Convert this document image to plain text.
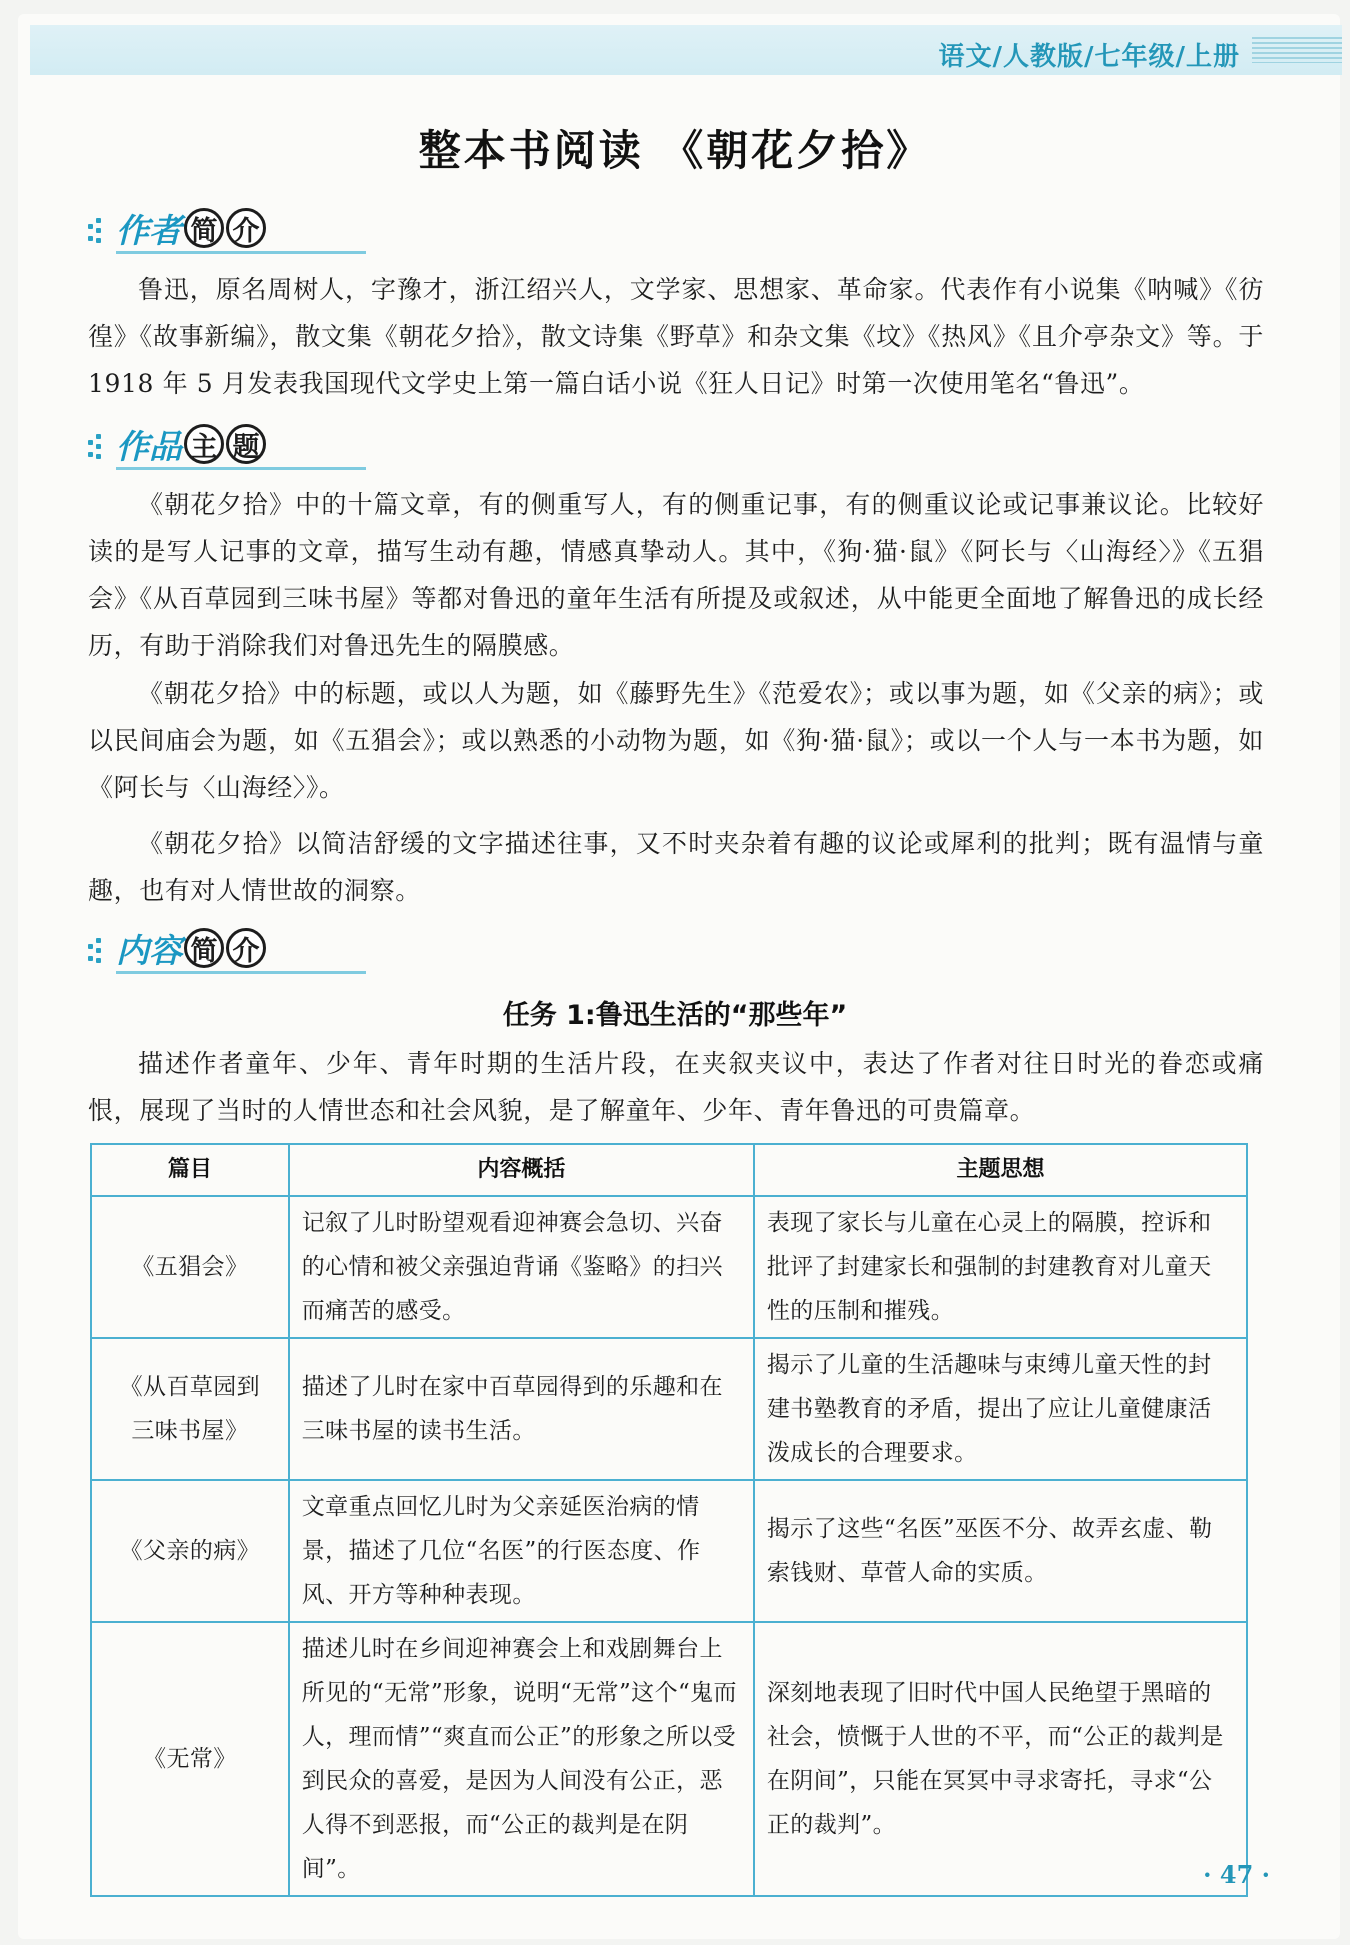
语文/人教版/七年级/上册
整本书阅读 《朝花夕拾》
作者 简 介

鲁迅，原名周树人，字豫才，浙江绍兴人，文学家、思想家、革命家。代表作有小说集《呐喊》《彷徨》《故事新编》，散文集《朝花夕拾》，散文诗集《野草》和杂文集《坟》《热风》《且介亭杂文》等。于 1918 年 5 月发表我国现代文学史上第一篇白话小说《狂人日记》时第一次使用笔名“鲁迅”。

作品 主 题

《朝花夕拾》中的十篇文章，有的侧重写人，有的侧重记事，有的侧重议论或记事兼议论。比较好读的是写人记事的文章，描写生动有趣，情感真挚动人。其中，《狗·猫·鼠》《阿长与〈山海经〉》《五猖会》《从百草园到三味书屋》等都对鲁迅的童年生活有所提及或叙述，从中能更全面地了解鲁迅的成长经历，有助于消除我们对鲁迅先生的隔膜感。

《朝花夕拾》中的标题，或以人为题，如《藤野先生》《范爱农》；或以事为题，如《父亲的病》；或以民间庙会为题，如《五猖会》；或以熟悉的小动物为题，如《狗·猫·鼠》；或以一个人与一本书为题，如《阿长与〈山海经〉》。

《朝花夕拾》以简洁舒缓的文字描述往事，又不时夹杂着有趣的议论或犀利的批判；既有温情与童趣，也有对人情世故的洞察。

内容 简 介
任务 1:鲁迅生活的“那些年”

描述作者童年、少年、青年时期的生活片段，在夹叙夹议中，表达了作者对往日时光的眷恋或痛恨，展现了当时的人情世态和社会风貌，是了解童年、少年、青年鲁迅的可贵篇章。

篇目	内容概括	主题思想
《五猖会》	记叙了儿时盼望观看迎神赛会急切、兴奋的心情和被父亲强迫背诵《鉴略》的扫兴而痛苦的感受。	表现了家长与儿童在心灵上的隔膜，控诉和批评了封建家长和强制的封建教育对儿童天性的压制和摧残。
《从百草园到三味书屋》	描述了儿时在家中百草园得到的乐趣和在三味书屋的读书生活。	揭示了儿童的生活趣味与束缚儿童天性的封建书塾教育的矛盾，提出了应让儿童健康活泼成长的合理要求。
《父亲的病》	文章重点回忆儿时为父亲延医治病的情景，描述了几位“名医”的行医态度、作风、开方等种种表现。	揭示了这些“名医”巫医不分、故弄玄虚、勒索钱财、草菅人命的实质。
《无常》	描述儿时在乡间迎神赛会上和戏剧舞台上所见的“无常”形象，说明“无常”这个“鬼而人，理而情”“爽直而公正”的形象之所以受到民众的喜爱，是因为人间没有公正，恶人得不到恶报，而“公正的裁判是在阴间”。	深刻地表现了旧时代中国人民绝望于黑暗的社会，愤慨于人世的不平，而“公正的裁判是在阴间”，只能在冥冥中寻求寄托，寻求“公正的裁判”。
· 47 ·
